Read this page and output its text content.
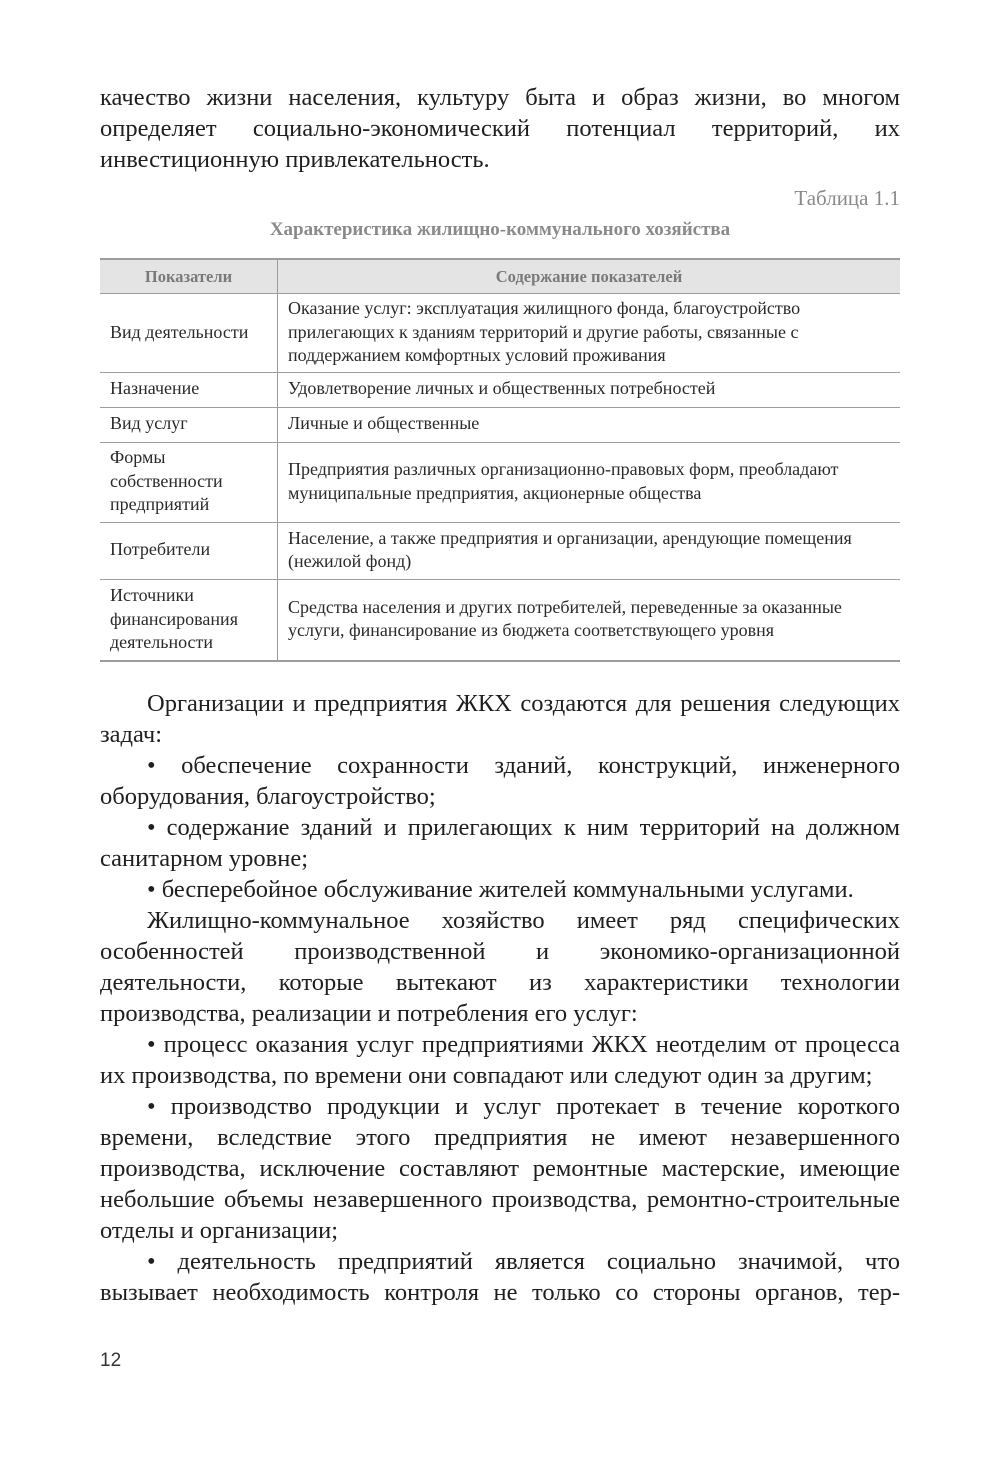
качество жизни населения, культуру быта и образ жизни, во многом определяет социально-экономический потенциал территорий, их инвестиционную привлекательность.

Таблица 1.1
Характеристика жилищно-коммунального хозяйства
Показатели	Содержание показателей
Вид деятельности	Оказание услуг: эксплуатация жилищного фонда, благоустройство прилегающих к зданиям территорий и другие работы, связанные с поддержанием комфортных условий проживания
Назначение	Удовлетворение личных и общественных потребностей
Вид услуг	Личные и общественные
Формы собственности предприятий	Предприятия различных организационно-правовых форм, преобладают муниципальные предприятия, акционерные общества
Потребители	Население, а также предприятия и организации, арендующие помещения (нежилой фонд)
Источники финансирования деятельности	Средства населения и других потребителей, переведенные за оказанные услуги, финансирование из бюджета соответствующего уровня

Организации и предприятия ЖКХ создаются для решения следующих задач:

• обеспечение сохранности зданий, конструкций, инженерного оборудования, благоустройство;

• содержание зданий и прилегающих к ним территорий на должном санитарном уровне;

• бесперебойное обслуживание жителей коммунальными услугами.

Жилищно-коммунальное хозяйство имеет ряд специфических особенностей производственной и экономико-организационной деятельности, которые вытекают из характеристики технологии производства, реализации и потребления его услуг:

• процесс оказания услуг предприятиями ЖКХ неотделим от процесса их производства, по времени они совпадают или следуют один за другим;

• производство продукции и услуг протекает в течение короткого времени, вследствие этого предприятия не имеют незавершенного производства, исключение составляют ремонтные мастерские, имеющие небольшие объемы незавершенного производства, ремонтно-строительные отделы и организации;

• деятельность предприятий является социально значимой, что вызывает необходимость контроля не только со стороны органов, тер-

12
